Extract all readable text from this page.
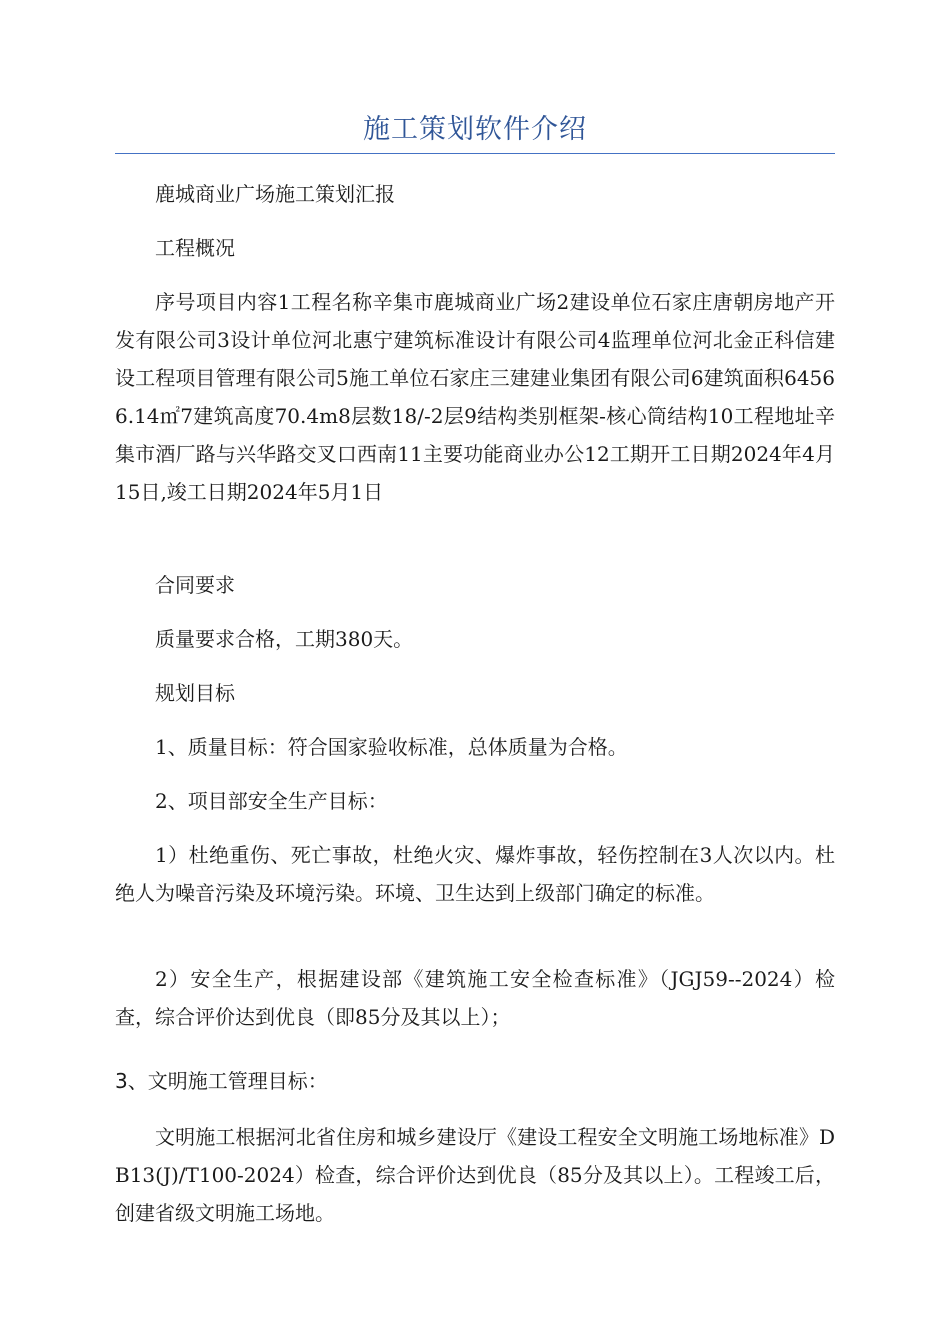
施工策划软件介绍

鹿城商业广场施工策划汇报

工程概况

序号项目内容1工程名称辛集市鹿城商业广场2建设单位石家庄唐朝房地产开发有限公司3设计单位河北惠宁建筑标准设计有限公司4监理单位河北金正科信建设工程项目管理有限公司5施工单位石家庄三建建业集团有限公司6建筑面积64566.14㎡7建筑高度70.4m8层数18/-2层9结构类别框架-核心筒结构10工程地址辛集市酒厂路与兴华路交叉口西南11主要功能商业办公12工期开工日期2024年4月15日,竣工日期2024年5月1日

合同要求

质量要求合格，工期380天。

规划目标

1、质量目标：符合国家验收标准，总体质量为合格。

2、项目部安全生产目标：

1）杜绝重伤、死亡事故，杜绝火灾、爆炸事故，轻伤控制在3人次以内。杜绝人为噪音污染及环境污染。环境、卫生达到上级部门确定的标准。

2）安全生产，根据建设部《建筑施工安全检查标准》（JGJ59--2024）检查，综合评价达到优良（即85分及其以上）；

3、文明施工管理目标：

文明施工根据河北省住房和城乡建设厅《建设工程安全文明施工场地标准》DB13(J)/T100-2024）检查，综合评价达到优良（85分及其以上）。工程竣工后，创建省级文明施工场地。
